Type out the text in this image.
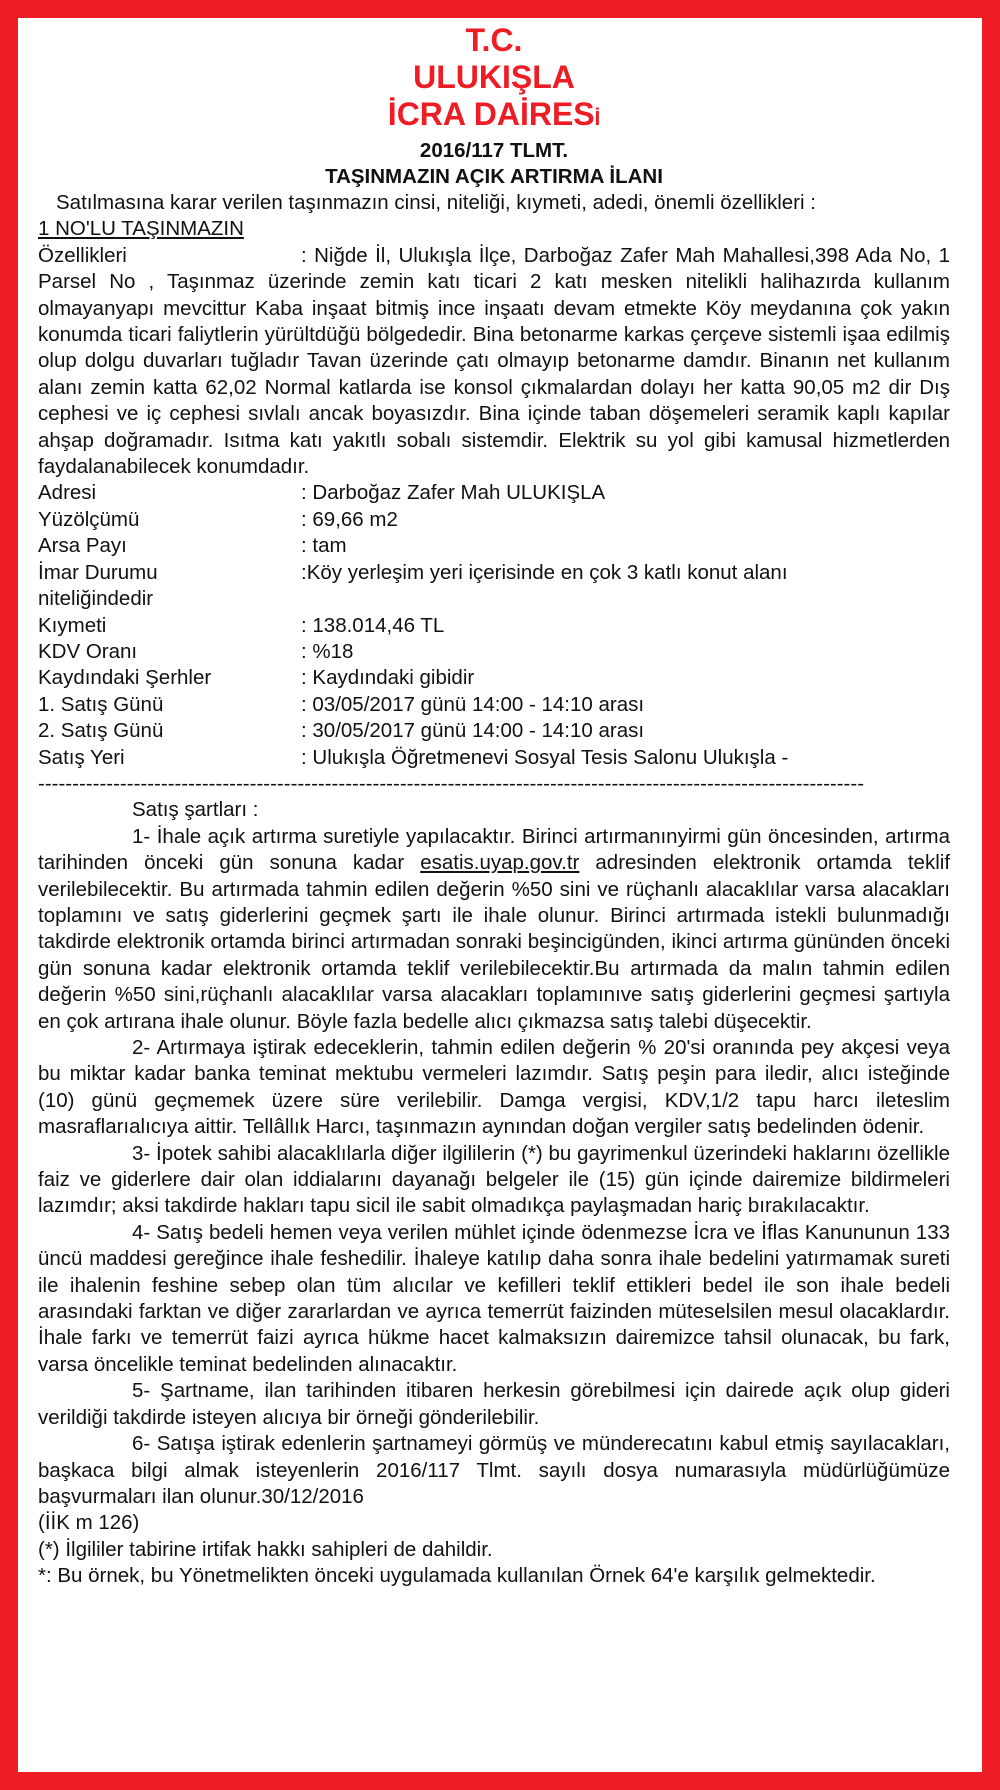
T.C.
ULUKIŞLA
İCRA DAİRESİ
2016/117 TLMT.
TAŞINMAZIN AÇIK ARTIRMA İLANI

Satılmasına karar verilen taşınmazın cinsi, niteliği, kıymeti, adedi, önemli özellikleri :

1 NO'LU TAŞINMAZIN

Özellikleri	: Niğde İl, Ulukışla İlçe, Darboğaz Zafer Mah Mahallesi,398 Ada No, 1 Parsel No , Taşınmaz üzerinde zemin katı ticari 2 katı mesken nitelikli halihazırda kullanım olmayanyapı mevcittur Kaba inşaat bitmiş ince inşaatı devam etmekte Köy meydanına çok yakın konumda ticari faliytlerin yürültdüğü bölgededir. Bina betonarme karkas çerçeve sistemli işaa edilmiş olup dolgu duvarları tuğladır Tavan üzerinde çatı olmayıp betonarme damdır. Binanın net kullanım alanı zemin katta 62,02 Normal katlarda ise konsol çıkmalardan dolayı her katta 90,05 m2 dir Dış cephesi ve iç cephesi sıvlalı ancak boyasızdır. Bina içinde taban döşemeleri seramik kaplı kapılar ahşap doğramadır. Isıtma katı yakıtlı sobalı sistemdir. Elektrik su yol gibi kamusal hizmetlerden faydalanabilecek konumdadır.

Adresi	: Darboğaz Zafer Mah ULUKIŞLA
Yüzölçümü	: 69,66 m2
Arsa Payı	: tam
İmar Durumu	:Köy yerleşim yeri içerisinde en çok 3 katlı konut alanı
niteliğindedir
Kıymeti	: 138.014,46 TL
KDV Oranı	: %18
Kaydındaki Şerhler	: Kaydındaki gibidir
1. Satış Günü	: 03/05/2017 günü 14:00 - 14:10 arası
2. Satış Günü	: 30/05/2017 günü 14:00 - 14:10 arası
Satış Yeri	: Ulukışla Öğretmenevi Sosyal Tesis Salonu Ulukışla -
-------------------------------------------------------------------------------------------------------------------------

Satış şartları :

1- İhale açık artırma suretiyle yapılacaktır. Birinci artırmanınyirmi gün öncesinden, artırma tarihinden önceki gün sonuna kadar esatis.uyap.gov.tr adresinden elektronik ortamda teklif verilebilecektir. Bu artırmada tahmin edilen değerin %50 sini ve rüçhanlı alacaklılar varsa alacakları toplamını ve satış giderlerini geçmek şartı ile ihale olunur. Birinci artırmada istekli bulunmadığı takdirde elektronik ortamda birinci artırmadan sonraki beşincigünden, ikinci artırma gününden önceki gün sonuna kadar elektronik ortamda teklif verilebilecektir.Bu artırmada da malın tahmin edilen değerin %50 sini,rüçhanlı alacaklılar varsa alacakları toplamınıve satış giderlerini geçmesi şartıyla en çok artırana ihale olunur. Böyle fazla bedelle alıcı çıkmazsa satış talebi düşecektir.

2- Artırmaya iştirak edeceklerin, tahmin edilen değerin % 20'si oranında pey akçesi veya bu miktar kadar banka teminat mektubu vermeleri lazımdır. Satış peşin para iledir, alıcı isteğinde (10) günü geçmemek üzere süre verilebilir. Damga vergisi, KDV,1/2 tapu harcı ileteslim masraflarıalıcıya aittir. Tellâllık Harcı, taşınmazın aynından doğan vergiler satış bedelinden ödenir.

3- İpotek sahibi alacaklılarla diğer ilgililerin (*) bu gayrimenkul üzerindeki haklarını özellikle faiz ve giderlere dair olan iddialarını dayanağı belgeler ile (15) gün içinde dairemize bildirmeleri lazımdır; aksi takdirde hakları tapu sicil ile sabit olmadıkça paylaşmadan hariç bırakılacaktır.

4- Satış bedeli hemen veya verilen mühlet içinde ödenmezse İcra ve İflas Kanununun 133 üncü maddesi gereğince ihale feshedilir. İhaleye katılıp daha sonra ihale bedelini yatırmamak sureti ile ihalenin feshine sebep olan tüm alıcılar ve kefilleri teklif ettikleri bedel ile son ihale bedeli arasındaki farktan ve diğer zararlardan ve ayrıca temerrüt faizinden müteselsilen mesul olacaklardır. İhale farkı ve temerrüt faizi ayrıca hükme hacet kalmaksızın dairemizce tahsil olunacak, bu fark, varsa öncelikle teminat bedelinden alınacaktır.

5- Şartname, ilan tarihinden itibaren herkesin görebilmesi için dairede açık olup gideri verildiği takdirde isteyen alıcıya bir örneği gönderilebilir.

6- Satışa iştirak edenlerin şartnameyi görmüş ve münderecatını kabul etmiş sayılacakları, başkaca bilgi almak isteyenlerin 2016/117 Tlmt. sayılı dosya numarasıyla müdürlüğümüze başvurmaları ilan olunur.30/12/2016

(İİK m 126)

(*) İlgililer tabirine irtifak hakkı sahipleri de dahildir.

*: Bu örnek, bu Yönetmelikten önceki uygulamada kullanılan Örnek 64'e karşılık gelmektedir.
